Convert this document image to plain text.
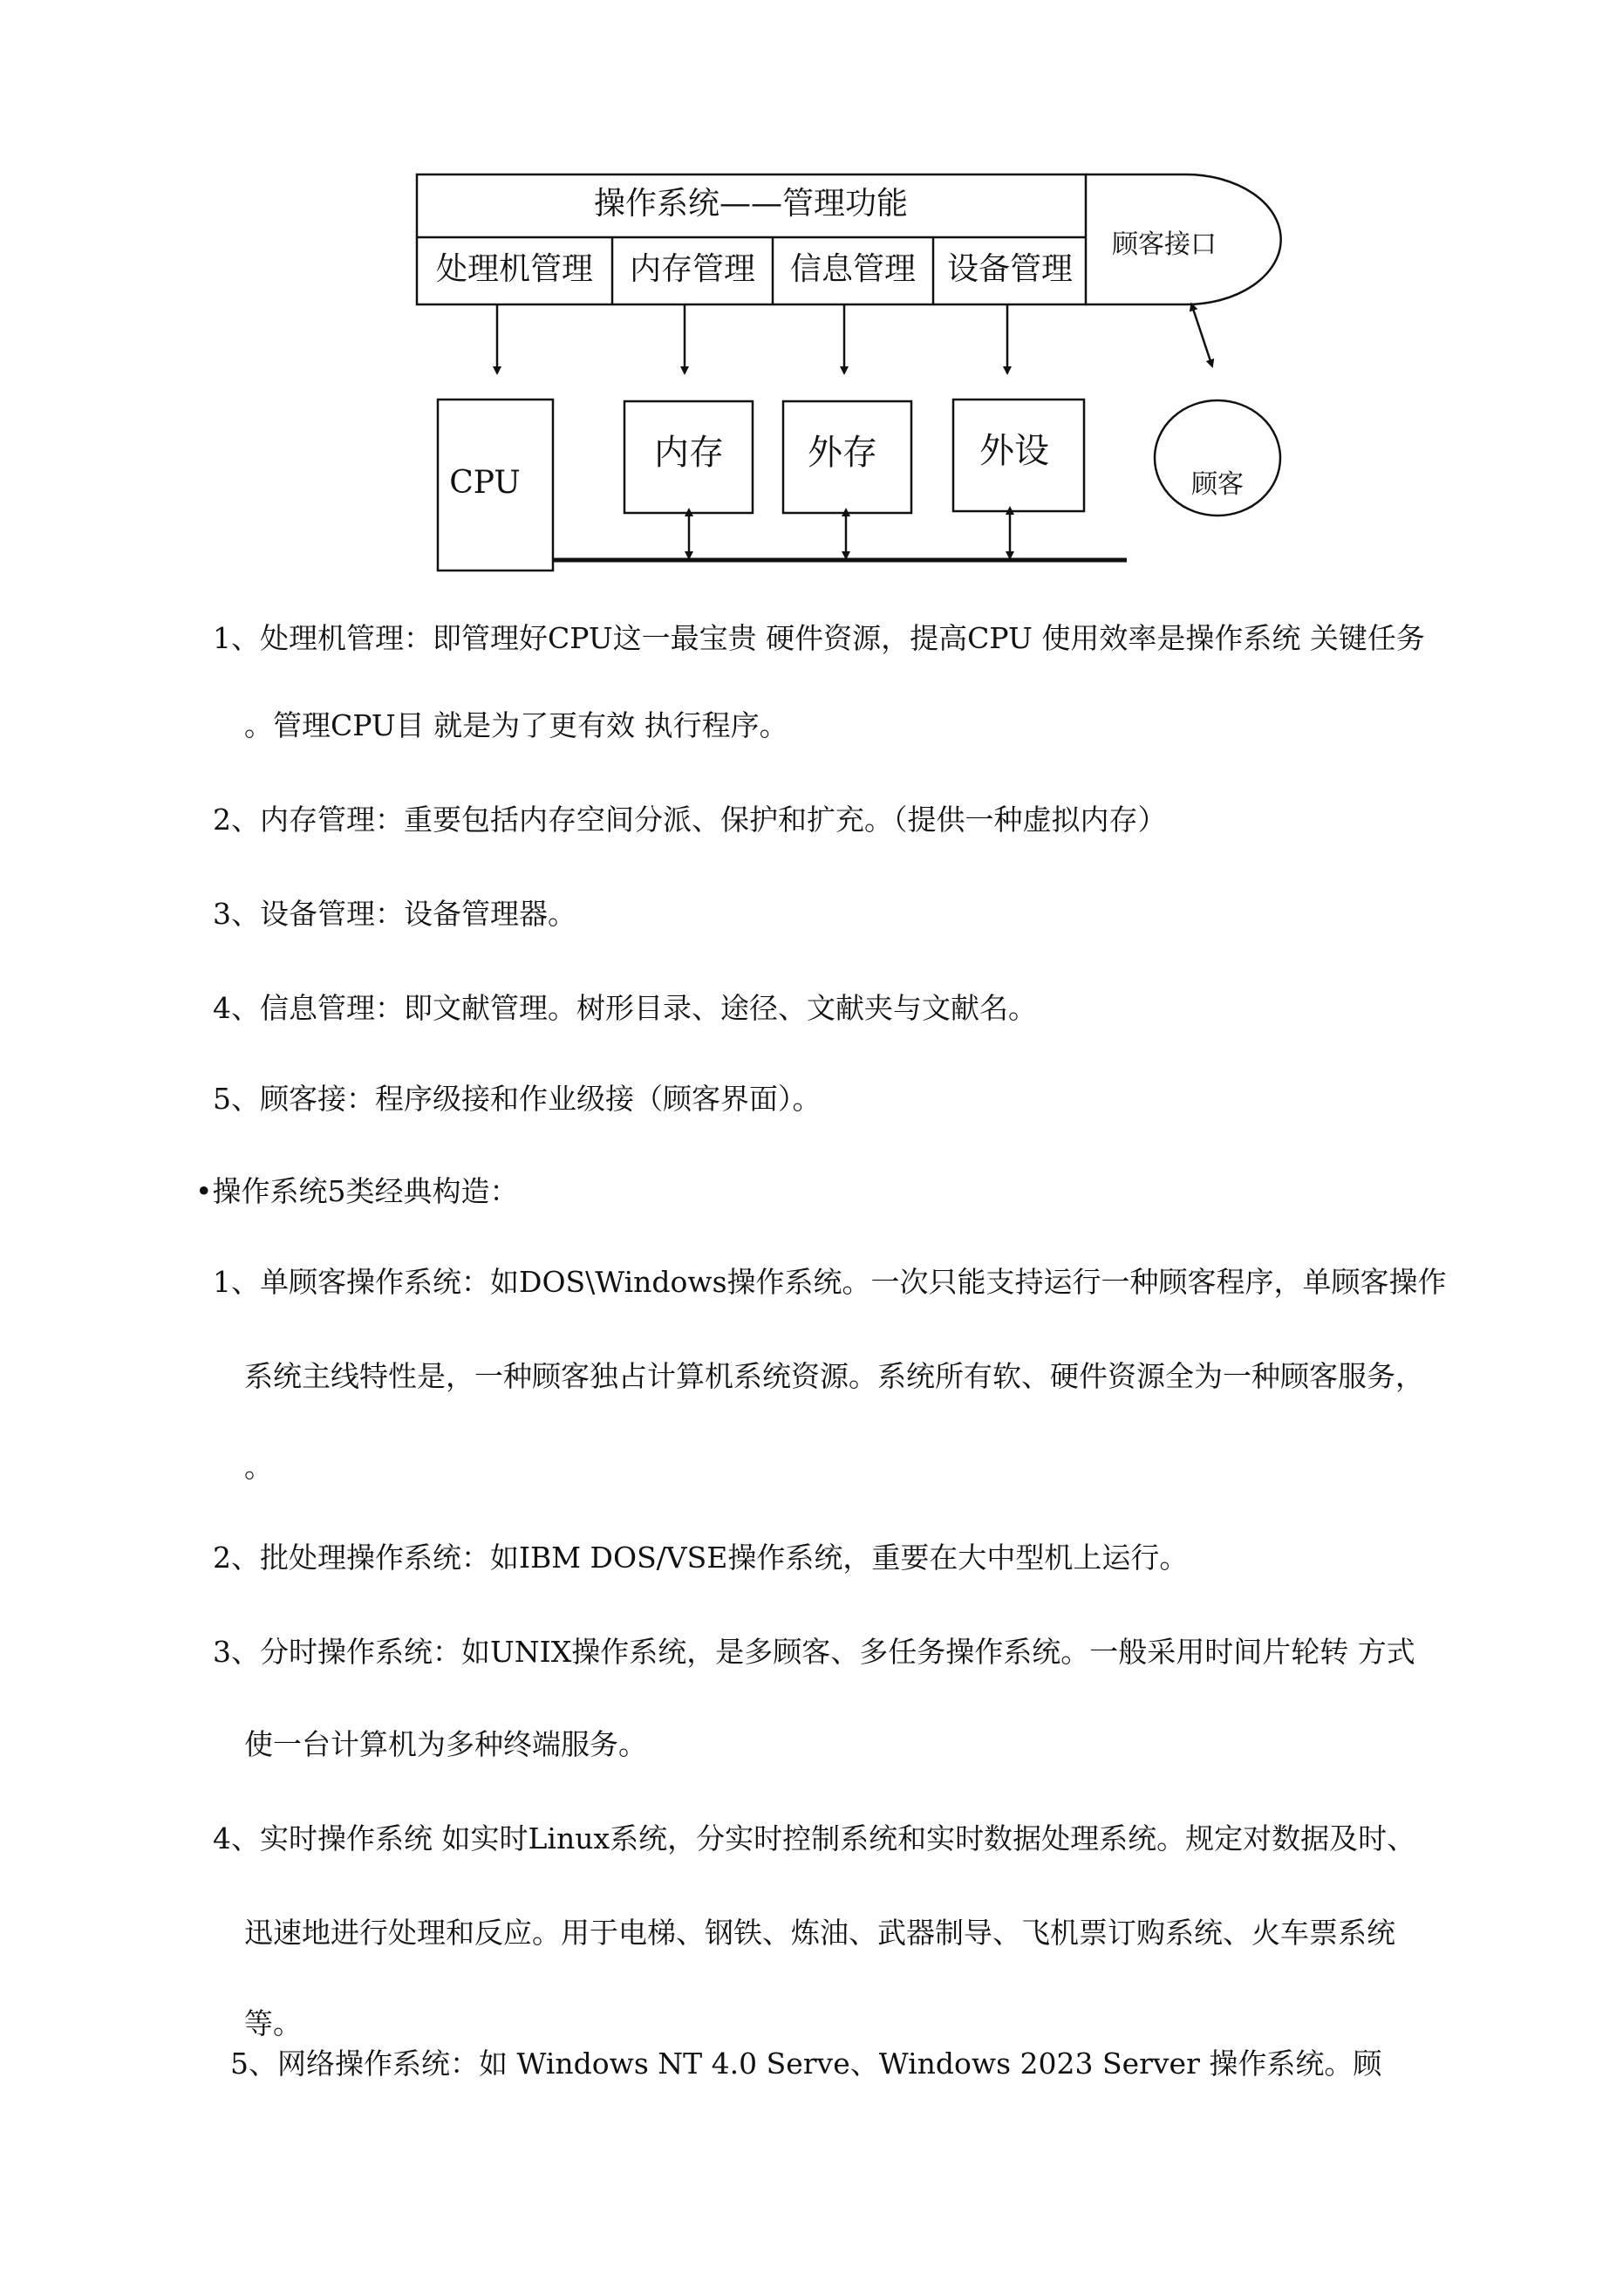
操作系统——管理功能
处理机管理 内存管理 信息管理 设备管理
顾客接口
CPU
内存 外存	外设
顾客
1、处理机管理：即管理好CPU这一最宝贵 硬件资源，提高CPU 使用效率是操作系统 关键任务
。管理CPU目 就是为了更有效 执行程序。
2、内存管理：重要包括内存空间分派、保护和扩充。（提供一种虚拟内存）
3、设备管理：设备管理器。
4、信息管理：即文献管理。树形目录、途径、文献夹与文献名。
5、顾客接：程序级接和作业级接（顾客界面）。
•操作系统5类经典构造：
1、单顾客操作系统：如DOS\Windows操作系统。一次只能支持运行一种顾客程序，单顾客操作
系统主线特性是，一种顾客独占计算机系统资源。系统所有软、硬件资源全为一种顾客服务，
。
2、批处理操作系统：如IBM DOS/VSE操作系统，重要在大中型机上运行。
3、分时操作系统：如UNIX操作系统，是多顾客、多任务操作系统。一般采用时间片轮转 方式
使一台计算机为多种终端服务。
4、实时操作系统 如实时Linux系统，分实时控制系统和实时数据处理系统。规定对数据及时、
迅速地进行处理和反应。用于电梯、钢铁、炼油、武器制导、飞机票订购系统、火车票系统
等。
5、网络操作系统：如 Windows NT 4.0 Serve、Windows 2023 Server 操作系统。顾
